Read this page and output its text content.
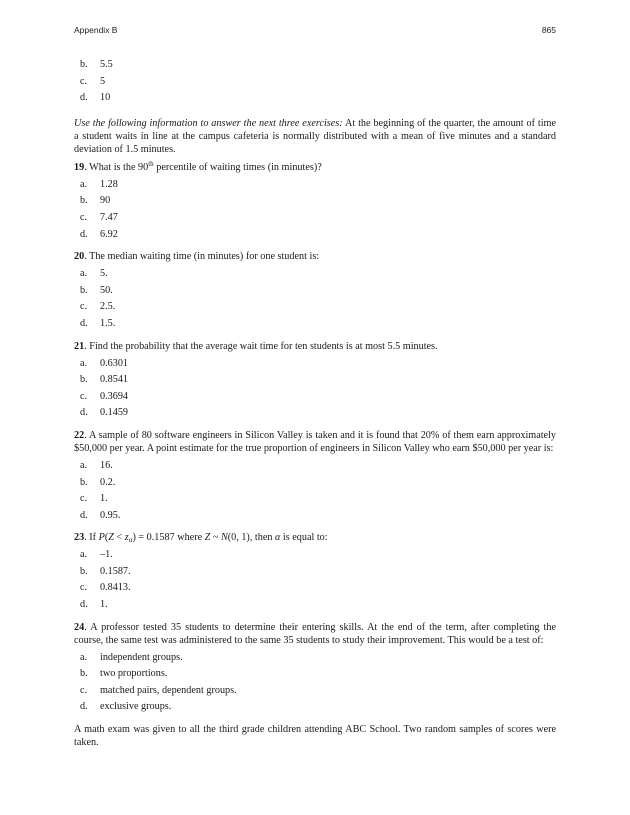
Appendix B	865
b.	5.5
c.	5
d.	10

Use the following information to answer the next three exercises: At the beginning of the quarter, the amount of time a student waits in line at the campus cafeteria is normally distributed with a mean of five minutes and a standard deviation of 1.5 minutes.

19. What is the 90th percentile of waiting times (in minutes)?

a.	1.28
b.	90
c.	7.47
d.	6.92

20. The median waiting time (in minutes) for one student is:

a.	5.
b.	50.
c.	2.5.
d.	1.5.

21. Find the probability that the average wait time for ten students is at most 5.5 minutes.

a.	0.6301
b.	0.8541
c.	0.3694
d.	0.1459

22. A sample of 80 software engineers in Silicon Valley is taken and it is found that 20% of them earn approximately $50,000 per year. A point estimate for the true proportion of engineers in Silicon Valley who earn $50,000 per year is:

a.	16.
b.	0.2.
c.	1.
d.	0.95.

23. If $P(Z < z_\alpha) = 0.1587$ where Z ~ N(0, 1), then α is equal to:

a.	–1.
b.	0.1587.
c.	0.8413.
d.	1.

24. A professor tested 35 students to determine their entering skills. At the end of the term, after completing the course, the same test was administered to the same 35 students to study their improvement. This would be a test of:

a.	independent groups.
b.	two proportions.
c.	matched pairs, dependent groups.
d.	exclusive groups.

A math exam was given to all the third grade children attending ABC School. Two random samples of scores were taken.
